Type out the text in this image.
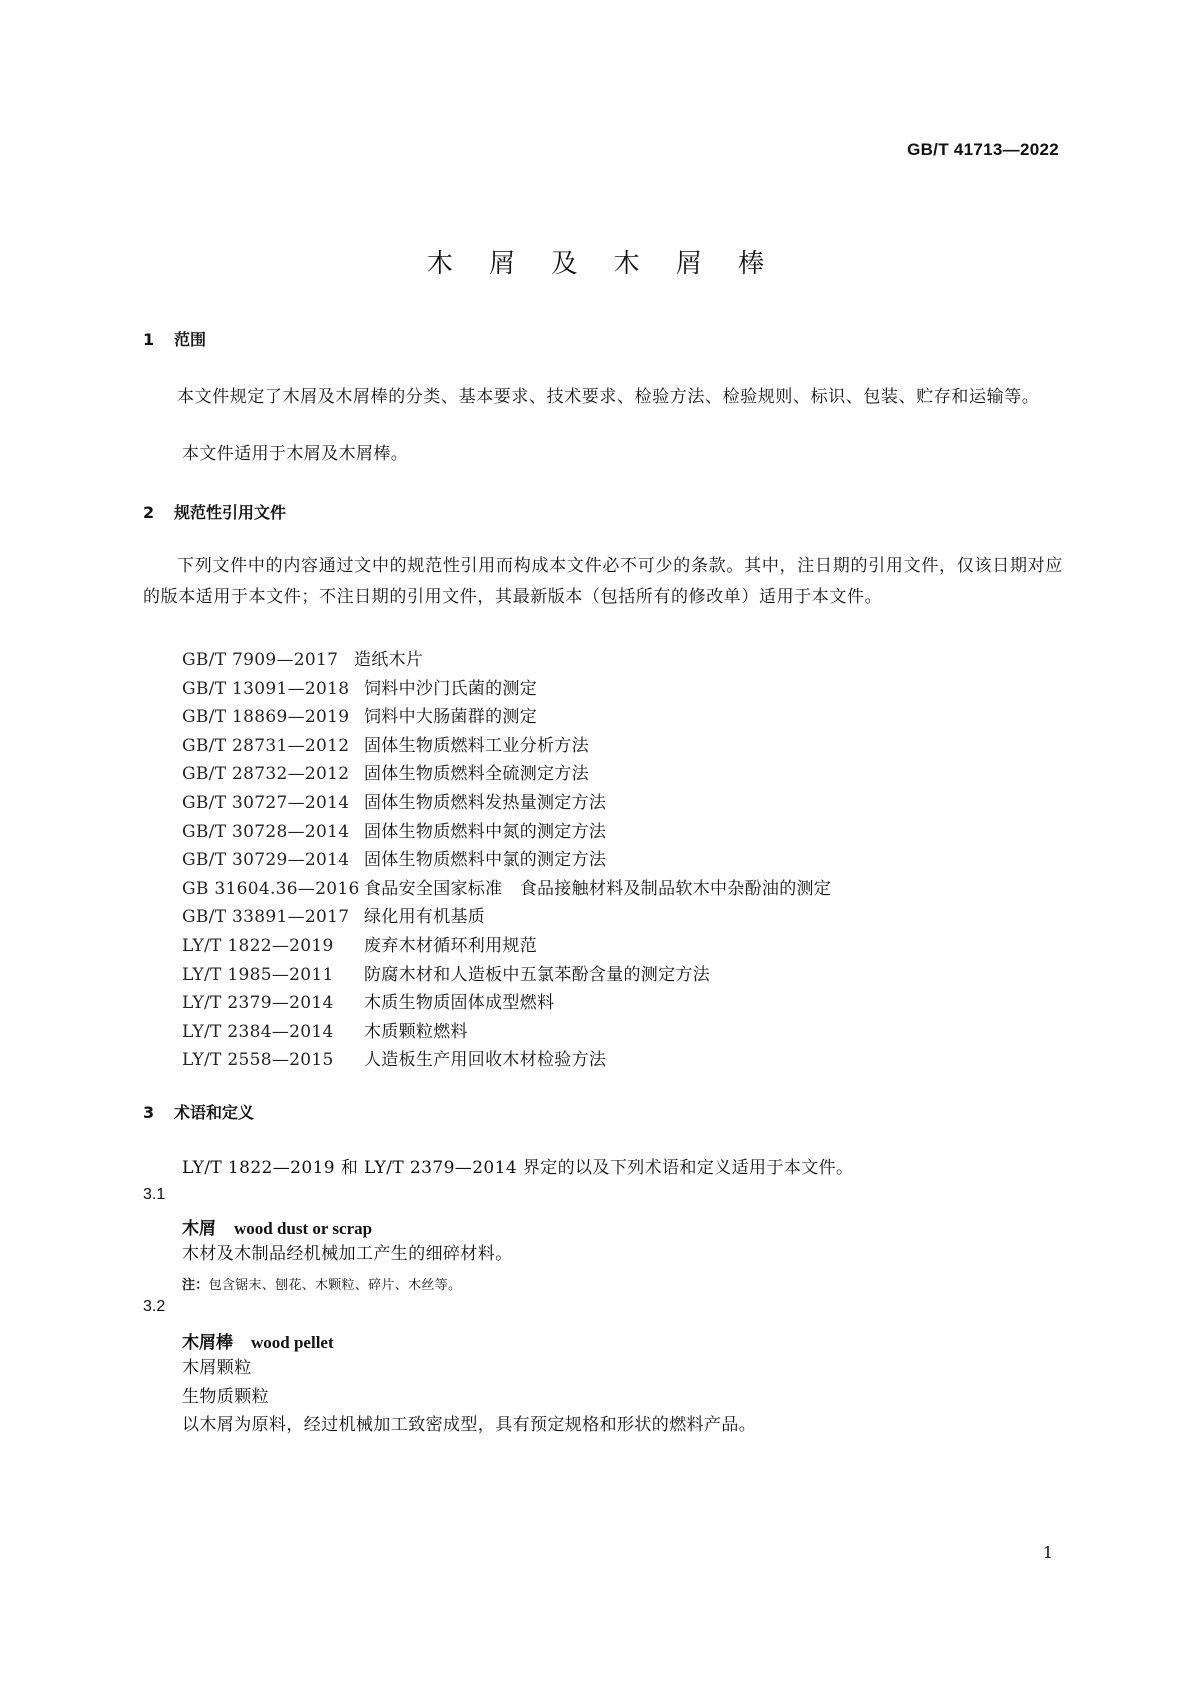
GB/T 41713—2022
木 屑 及 木 屑 棒
1 范围
本文件规定了木屑及木屑棒的分类、基本要求、技术要求、检验方法、检验规则、标识、包装、贮存和运输等。
本文件适用于木屑及木屑棒。
2 规范性引用文件
下列文件中的内容通过文中的规范性引用而构成本文件必不可少的条款。其中，注日期的引用文件，仅该日期对应的版本适用于本文件；不注日期的引用文件，其最新版本（包括所有的修改单）适用于本文件。
GB/T 7909—2017 造纸木片
GB/T 13091—2018 饲料中沙门氏菌的测定
GB/T 18869—2019 饲料中大肠菌群的测定
GB/T 28731—2012 固体生物质燃料工业分析方法
GB/T 28732—2012 固体生物质燃料全硫测定方法
GB/T 30727—2014 固体生物质燃料发热量测定方法
GB/T 30728—2014 固体生物质燃料中氮的测定方法
GB/T 30729—2014 固体生物质燃料中氯的测定方法
GB 31604.36—2016 食品安全国家标准　食品接触材料及制品软木中杂酚油的测定
GB/T 33891—2017 绿化用有机基质
LY/T 1822—2019 废弃木材循环利用规范
LY/T 1985—2011 防腐木材和人造板中五氯苯酚含量的测定方法
LY/T 2379—2014 木质生物质固体成型燃料
LY/T 2384—2014 木质颗粒燃料
LY/T 2558—2015 人造板生产用回收木材检验方法
3 术语和定义
LY/T 1822—2019 和 LY/T 2379—2014 界定的以及下列术语和定义适用于本文件。
3.1
木屑 wood dust or scrap
木材及木制品经机械加工产生的细碎材料。
注：包含锯末、刨花、木颗粒、碎片、木丝等。
3.2
木屑棒 wood pellet
木屑颗粒
生物质颗粒
以木屑为原料，经过机械加工致密成型，具有预定规格和形状的燃料产品。
1
